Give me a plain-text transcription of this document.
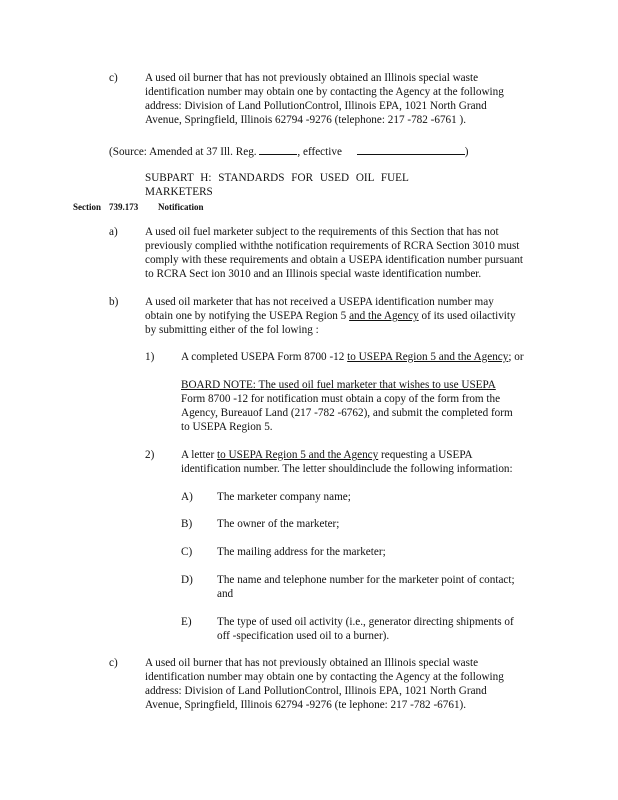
c) A used oil burner that has not previously obtained an Illinois special waste
identification number may obtain one by contacting the Agency at the following
address: Division of Land PollutionControl, Illinois EPA, 1021 North Grand
Avenue, Springfield, Illinois 62794 -9276 (telephone: 217 -782 -6761 ).
(Source: Amended at 37 Ill. Reg.	, effective	)
SUBPART H: STANDARDS FOR USED OIL FUEL MARKETERS
Section 739.173 Notification
a) A used oil fuel marketer subject to the requirements of this Section that has not
previously complied withthe notification requirements of RCRA Section 3010 must
comply with these requirements and obtain a USEPA identification number pursuant
to RCRA Sect ion 3010 and an Illinois special waste identification number.
b) A used oil marketer that has not received a USEPA identification number may
obtain one by notifying the USEPA Region 5 and the Agency of its used oilactivity
by submitting either of the fol lowing :
1) A completed USEPA Form 8700 -12 to USEPA Region 5 and the Agency; or
BOARD NOTE: The used oil fuel marketer that wishes to use USEPA
Form 8700 -12 for notification must obtain a copy of the form from the
Agency, Bureauof Land (217 -782 -6762), and submit the completed form
to USEPA Region 5.
2) A letter to USEPA Region 5 and the Agency requesting a USEPA
identification number. The letter shouldinclude the following information:
A) The marketer company name;
B) The owner of the marketer;
C) The mailing address for the marketer;
D) The name and telephone number for the marketer point of contact;
and
E) The type of used oil activity (i.e., generator directing shipments of
off -specification used oil to a burner).
c) A used oil burner that has not previously obtained an Illinois special waste
identification number may obtain one by contacting the Agency at the following
address: Division of Land PollutionControl, Illinois EPA, 1021 North Grand
Avenue, Springfield, Illinois 62794 -9276 (te lephone: 217 -782 -6761).
